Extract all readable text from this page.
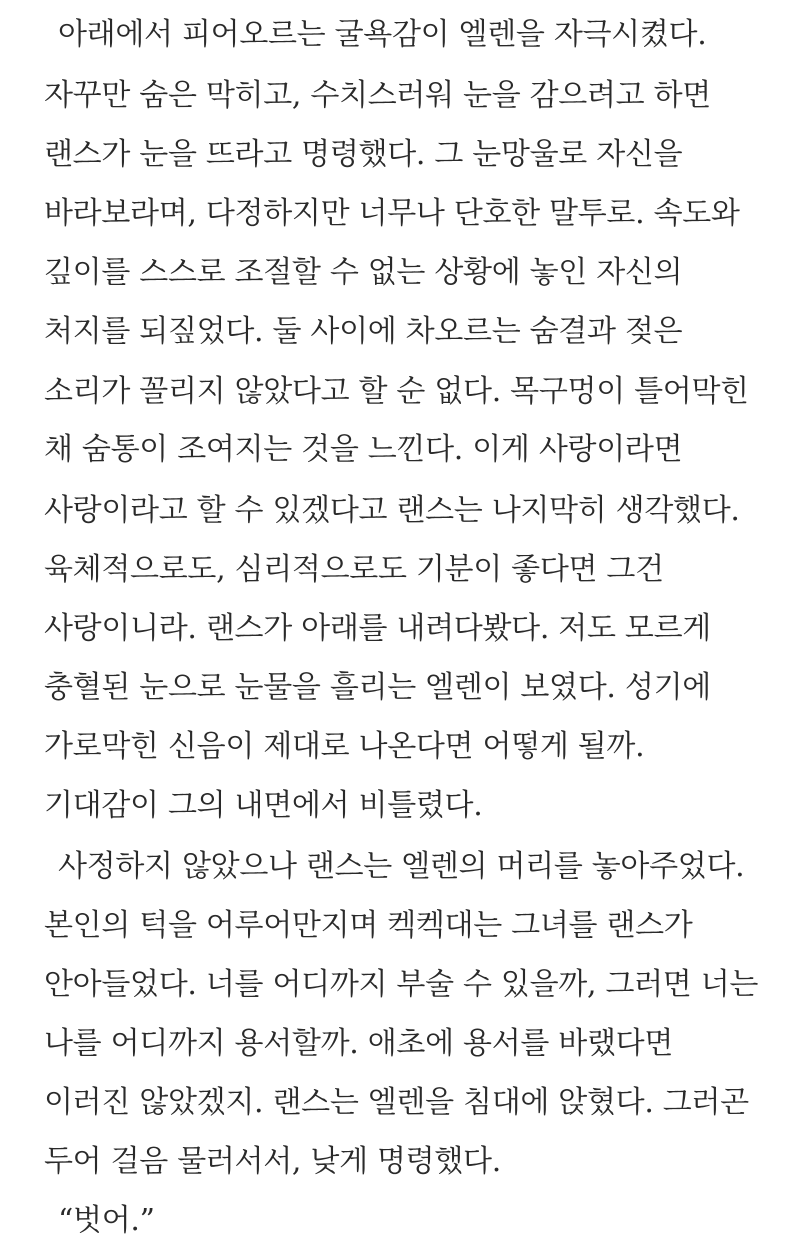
아래에서 피어오르는 굴욕감이 엘렌을 자극시켰다.
자꾸만 숨은 막히고, 수치스러워 눈을 감으려고 하면
랜스가 눈을 뜨라고 명령했다. 그 눈망울로 자신을
바라보라며, 다정하지만 너무나 단호한 말투로. 속도와
깊이를 스스로 조절할 수 없는 상황에 놓인 자신의
처지를 되짚었다. 둘 사이에 차오르는 숨결과 젖은
소리가 꼴리지 않았다고 할 순 없다. 목구멍이 틀어막힌
채 숨통이 조여지는 것을 느낀다. 이게 사랑이라면
사랑이라고 할 수 있겠다고 랜스는 나지막히 생각했다.
육체적으로도, 심리적으로도 기분이 좋다면 그건
사랑이니라. 랜스가 아래를 내려다봤다. 저도 모르게
충혈된 눈으로 눈물을 흘리는 엘렌이 보였다. 성기에
가로막힌 신음이 제대로 나온다면 어떻게 될까.
기대감이 그의 내면에서 비틀렸다.
사정하지 않았으나 랜스는 엘렌의 머리를 놓아주었다.
본인의 턱을 어루어만지며 켁켁대는 그녀를 랜스가
안아들었다. 너를 어디까지 부술 수 있을까, 그러면 너는
나를 어디까지 용서할까. 애초에 용서를 바랬다면
이러진 않았겠지. 랜스는 엘렌을 침대에 앉혔다. 그러곤
두어 걸음 물러서서, 낮게 명령했다.
“벗어.”
